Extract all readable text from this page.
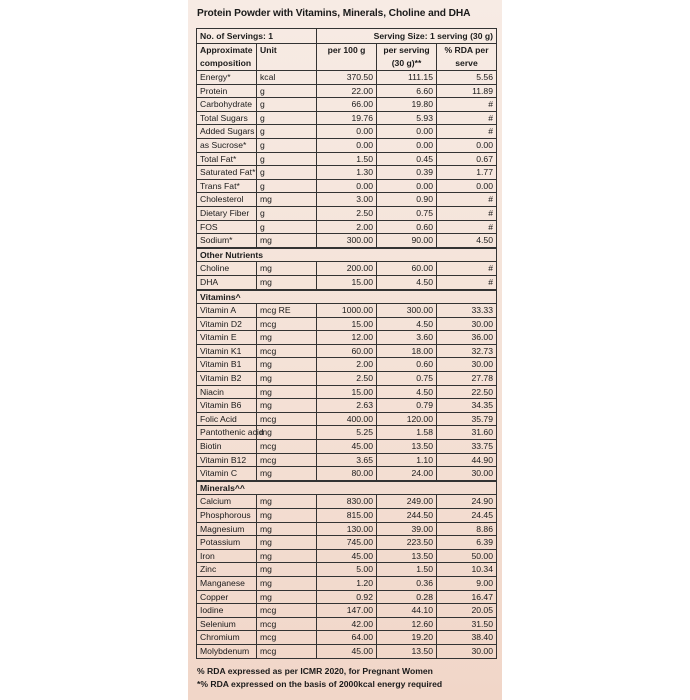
Protein Powder with Vitamins, Minerals, Choline and DHA
No. of Servings: 1		Serving Size: 1 serving (30 g)		
Approximate composition	Unit	per 100 g	per serving (30 g)**	% RDA per serve
Energy*	kcal	370.50	111.15	5.56
Protein	g	22.00	6.60	11.89
Carbohydrate	g	66.00	19.80	#
Total Sugars	g	19.76	5.93	#
Added Sugars	g	0.00	0.00	#
as Sucrose*	g	0.00	0.00	0.00
Total Fat*	g	1.50	0.45	0.67
Saturated Fat*	g	1.30	0.39	1.77
Trans Fat*	g	0.00	0.00	0.00
Cholesterol	mg	3.00	0.90	#
Dietary Fiber	g	2.50	0.75	#
FOS	g	2.00	0.60	#
Sodium*	mg	300.00	90.00	4.50
Other Nutrients				
Choline	mg	200.00	60.00	#
DHA	mg	15.00	4.50	#
Vitamins^				
Vitamin A	mcg RE	1000.00	300.00	33.33
Vitamin D2	mcg	15.00	4.50	30.00
Vitamin E	mg	12.00	3.60	36.00
Vitamin K1	mcg	60.00	18.00	32.73
Vitamin B1	mg	2.00	0.60	30.00
Vitamin B2	mg	2.50	0.75	27.78
Niacin	mg	15.00	4.50	22.50
Vitamin B6	mg	2.63	0.79	34.35
Folic Acid	mcg	400.00	120.00	35.79
Pantothenic acid	mg	5.25	1.58	31.60
Biotin	mcg	45.00	13.50	33.75
Vitamin B12	mcg	3.65	1.10	44.90
Vitamin C	mg	80.00	24.00	30.00
Minerals^^				
Calcium	mg	830.00	249.00	24.90
Phosphorous	mg	815.00	244.50	24.45
Magnesium	mg	130.00	39.00	8.86
Potassium	mg	745.00	223.50	6.39
Iron	mg	45.00	13.50	50.00
Zinc	mg	5.00	1.50	10.34
Manganese	mg	1.20	0.36	9.00
Copper	mg	0.92	0.28	16.47
Iodine	mcg	147.00	44.10	20.05
Selenium	mcg	42.00	12.60	31.50
Chromium	mcg	64.00	19.20	38.40
Molybdenum	mcg	45.00	13.50	30.00
% RDA expressed as per ICMR 2020, for Pregnant Women
*% RDA expressed on the basis of 2000kcal energy required
